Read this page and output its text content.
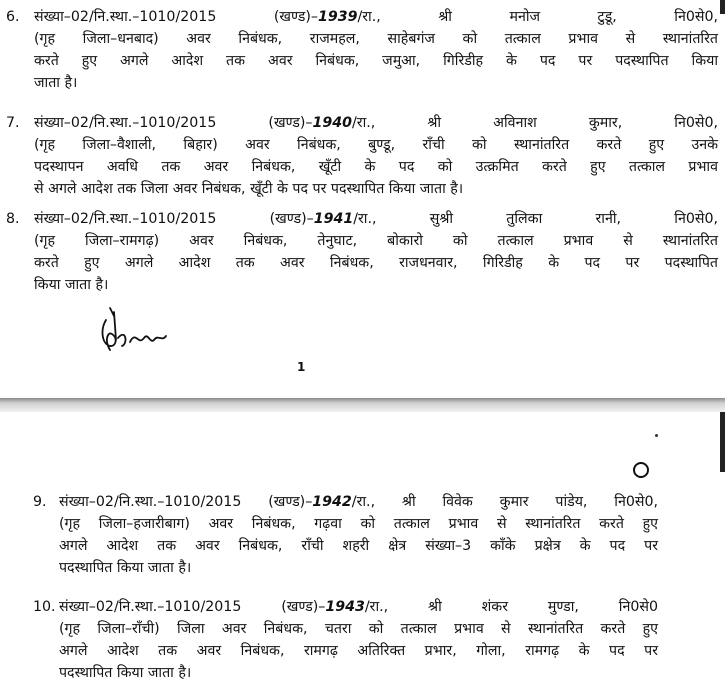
6. संख्या–02/नि.स्था.–1010/2015 (खण्ड)–1939/रा., श्री मनोज टुडू, नि0से0,
(गृह जिला–धनबाद) अवर निबंधक, राजमहल, साहेबगंज को तत्काल प्रभाव से स्थानांतरित
करते हुए अगले आदेश तक अवर निबंधक, जमुआ, गिरिडीह के पद पर पदस्थापित किया
जाता है।
7. संख्या–02/नि.स्था.–1010/2015 (खण्ड)–1940/रा., श्री अविनाश कुमार, नि0से0,
(गृह जिला–वैशाली, बिहार) अवर निबंधक, बुण्डू, राँची को स्थानांतरित करते हुए उनके
पदस्थापन अवधि तक अवर निबंधक, खूँटी के पद को उत्क्रमित करते हुए तत्काल प्रभाव
से अगले आदेश तक जिला अवर निबंधक, खूँटी के पद पर पदस्थापित किया जाता है।
8. संख्या–02/नि.स्था.–1010/2015 (खण्ड)–1941/रा., सुश्री तुलिका रानी, नि0से0,
(गृह जिला–रामगढ़) अवर निबंधक, तेनुघाट, बोकारो को तत्काल प्रभाव से स्थानांतरित
करते हुए अगले आदेश तक अवर निबंधक, राजधनवार, गिरिडीह के पद पर पदस्थापित
किया जाता है।
1
9. संख्या–02/नि.स्था.–1010/2015 (खण्ड)–1942/रा., श्री विवेक कुमार पांडेय, नि0से0,
(गृह जिला–हजारीबाग) अवर निबंधक, गढ़वा को तत्काल प्रभाव से स्थानांतरित करते हुए
अगले आदेश तक अवर निबंधक, राँची शहरी क्षेत्र संख्या–3 काँके प्रक्षेत्र के पद पर
पदस्थापित किया जाता है।
10. संख्या–02/नि.स्था.–1010/2015 (खण्ड)–1943/रा., श्री शंकर मुण्डा, नि0से0
(गृह जिला–राँची) जिला अवर निबंधक, चतरा को तत्काल प्रभाव से स्थानांतरित करते हुए
अगले आदेश तक अवर निबंधक, रामगढ़ अतिरिक्त प्रभार, गोला, रामगढ़ के पद पर
पदस्थापित किया जाता है।
